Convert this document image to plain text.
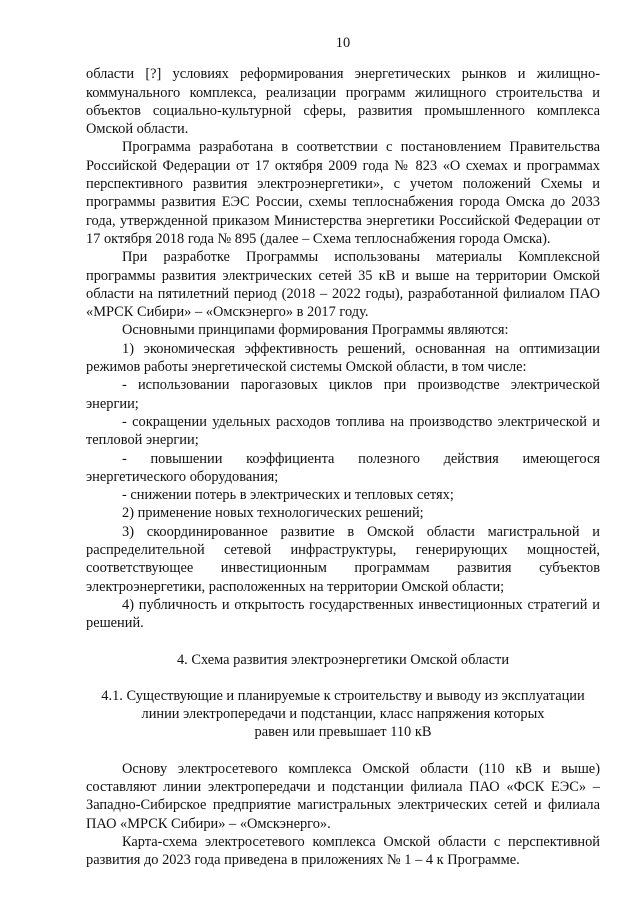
10

области [?] условиях реформирования энергетических рынков и жилищно-коммунального комплекса, реализации программ жилищного строительства и объектов социально-культурной сферы, развития промышленного комплекса Омской области.

Программа разработана в соответствии с постановлением Правительства Российской Федерации от 17 октября 2009 года № 823 «О схемах и программах перспективного развития электроэнергетики», с учетом положений Схемы и программы развития ЕЭС России, схемы теплоснабжения города Омска до 2033 года, утвержденной приказом Министерства энергетики Российской Федерации от 17 октября 2018 года № 895 (далее – Схема теплоснабжения города Омска).

При разработке Программы использованы материалы Комплексной программы развития электрических сетей 35 кВ и выше на территории Омской области на пятилетний период (2018 – 2022 годы), разработанной филиалом ПАО «МРСК Сибири» – «Омскэнерго» в 2017 году.

Основными принципами формирования Программы являются:

1) экономическая эффективность решений, основанная на оптимизации режимов работы энергетической системы Омской области, в том числе:

- использовании парогазовых циклов при производстве электрической энергии;

- сокращении удельных расходов топлива на производство электрической и тепловой энергии;

- повышении коэффициента полезного действия имеющегося энергетического оборудования;

- снижении потерь в электрических и тепловых сетях;

2) применение новых технологических решений;

3) скоординированное развитие в Омской области магистральной и распределительной сетевой инфраструктуры, генерирующих мощностей, соответствующее инвестиционным программам развития субъектов электроэнергетики, расположенных на территории Омской области;

4) публичность и открытость государственных инвестиционных стратегий и решений.

4. Схема развития электроэнергетики Омской области
4.1. Существующие и планируемые к строительству и выводу из эксплуатации
линии электропередачи и подстанции, класс напряжения которых
равен или превышает 110 кВ

Основу электросетевого комплекса Омской области (110 кВ и выше) составляют линии электропередачи и подстанции филиала ПАО «ФСК ЕЭС» – Западно-Сибирское предприятие магистральных электрических сетей и филиала ПАО «МРСК Сибири» – «Омскэнерго».

Карта-схема электросетевого комплекса Омской области с перспективной развития до 2023 года приведена в приложениях № 1 – 4 к Программе.
